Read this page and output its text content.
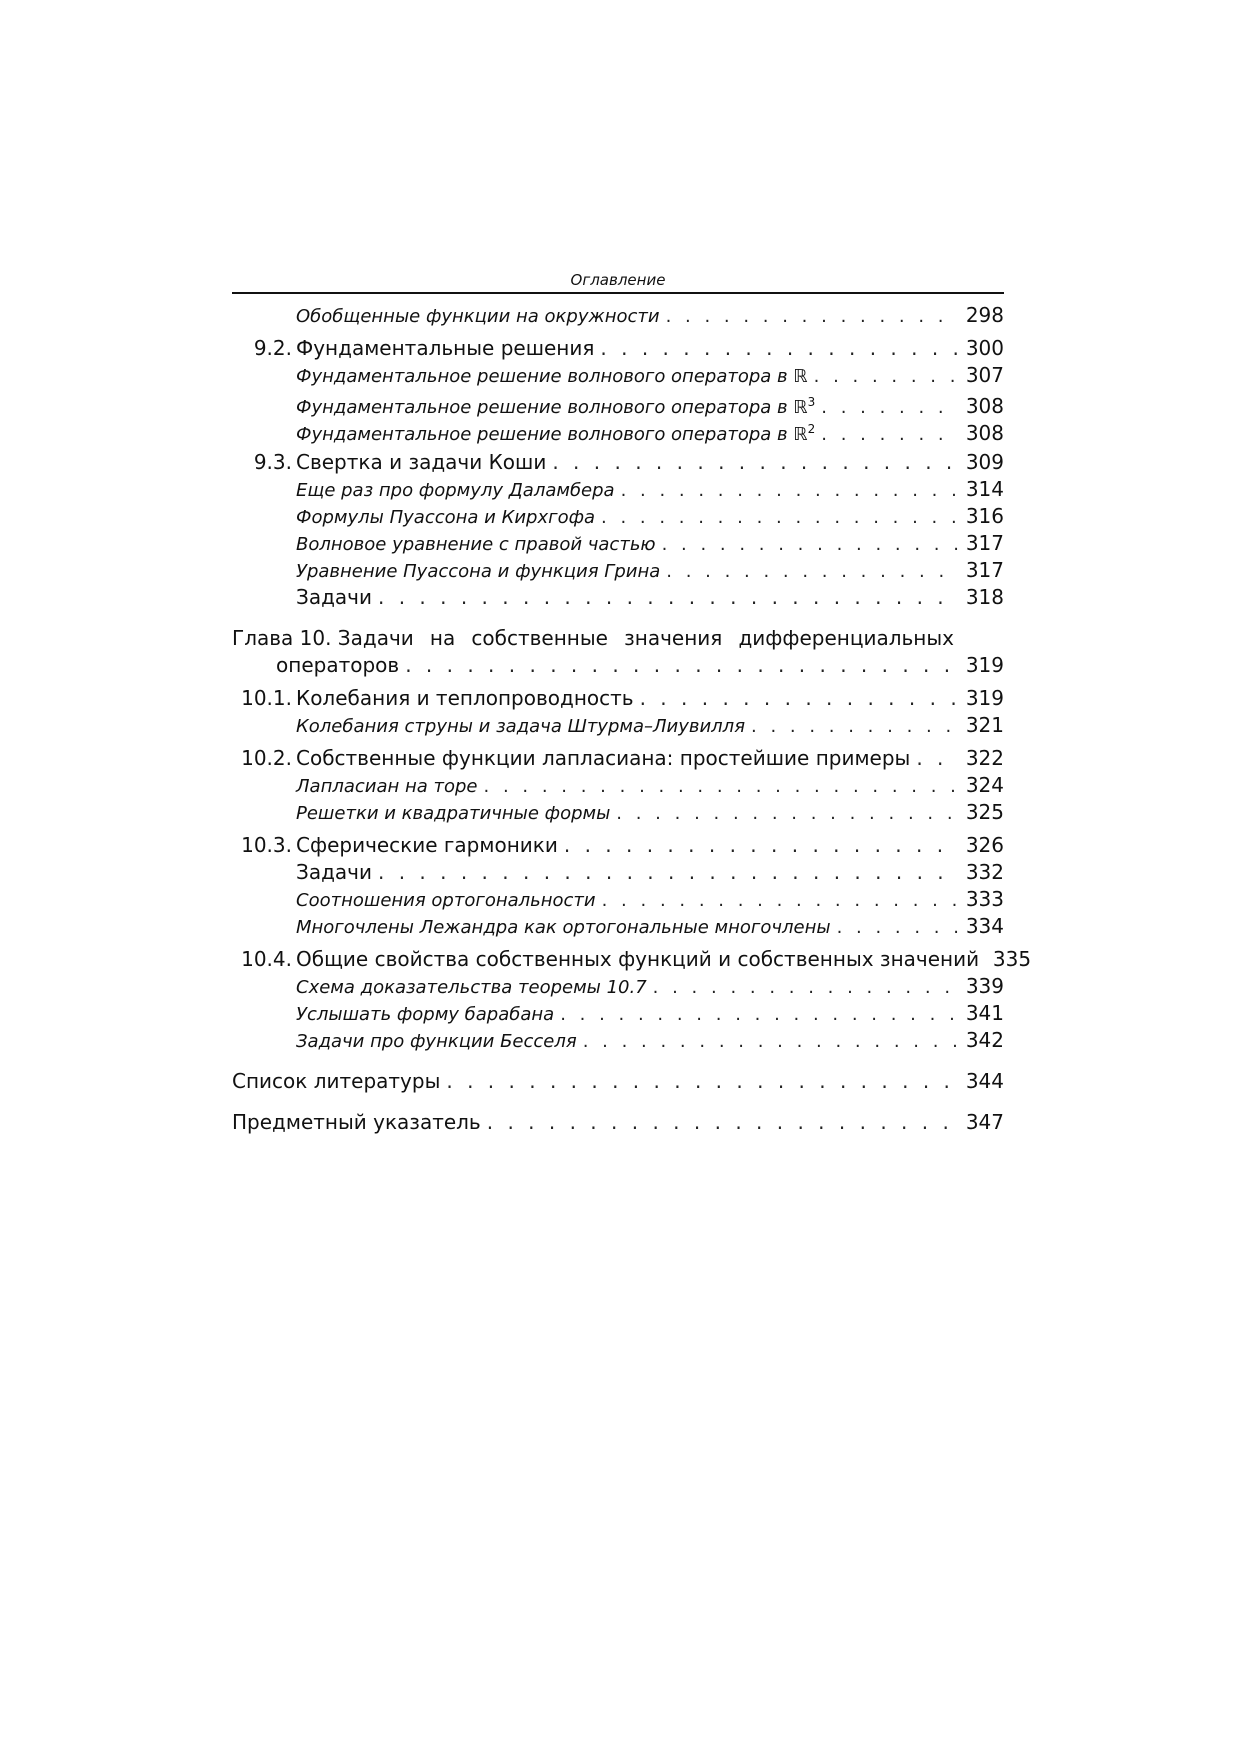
Оглавление
Обобщенные функции на окружности . . .	298
9.2. Фундаментальные решения . . .	300
Фундаментальное решение волнового оператора в ℝ . . .	307
Фундаментальное решение волнового оператора в ℝ$^3$ . . .	308
Фундаментальное решение волнового оператора в ℝ$^2$ . . .	308
9.3. Свертка и задачи Коши . . .	309
Еще раз про формулу Даламбера . . .	314
Формулы Пуассона и Кирхгофа . . .	316
Волновое уравнение с правой частью . . .	317
Уравнение Пуассона и функция Грина . . .	317
Задачи . . .	318
Глава 10. Задачи на собственные значения дифференциальных
операторов . . .	319
10.1. Колебания и теплопроводность . . .	319
Колебания струны и задача Штурма–Лиувилля . . .	321
10.2. Собственные функции лапласиана: простейшие примеры . . .	322
Лапласиан на торе . . .	324
Решетки и квадратичные формы . . .	325
10.3. Сферические гармоники . . .	326
Задачи . . .	332
Соотношения ортогональности . . .	333
Многочлены Лежандра как ортогональные многочлены . . .	334
10.4. Общие свойства собственных функций и собственных значений 335
Схема доказательства теоремы 10.7 . . .	339
Услышать форму барабана . . .	341
Задачи про функции Бесселя . . .	342
Список литературы . . .	344
Предметный указатель . . .	347
